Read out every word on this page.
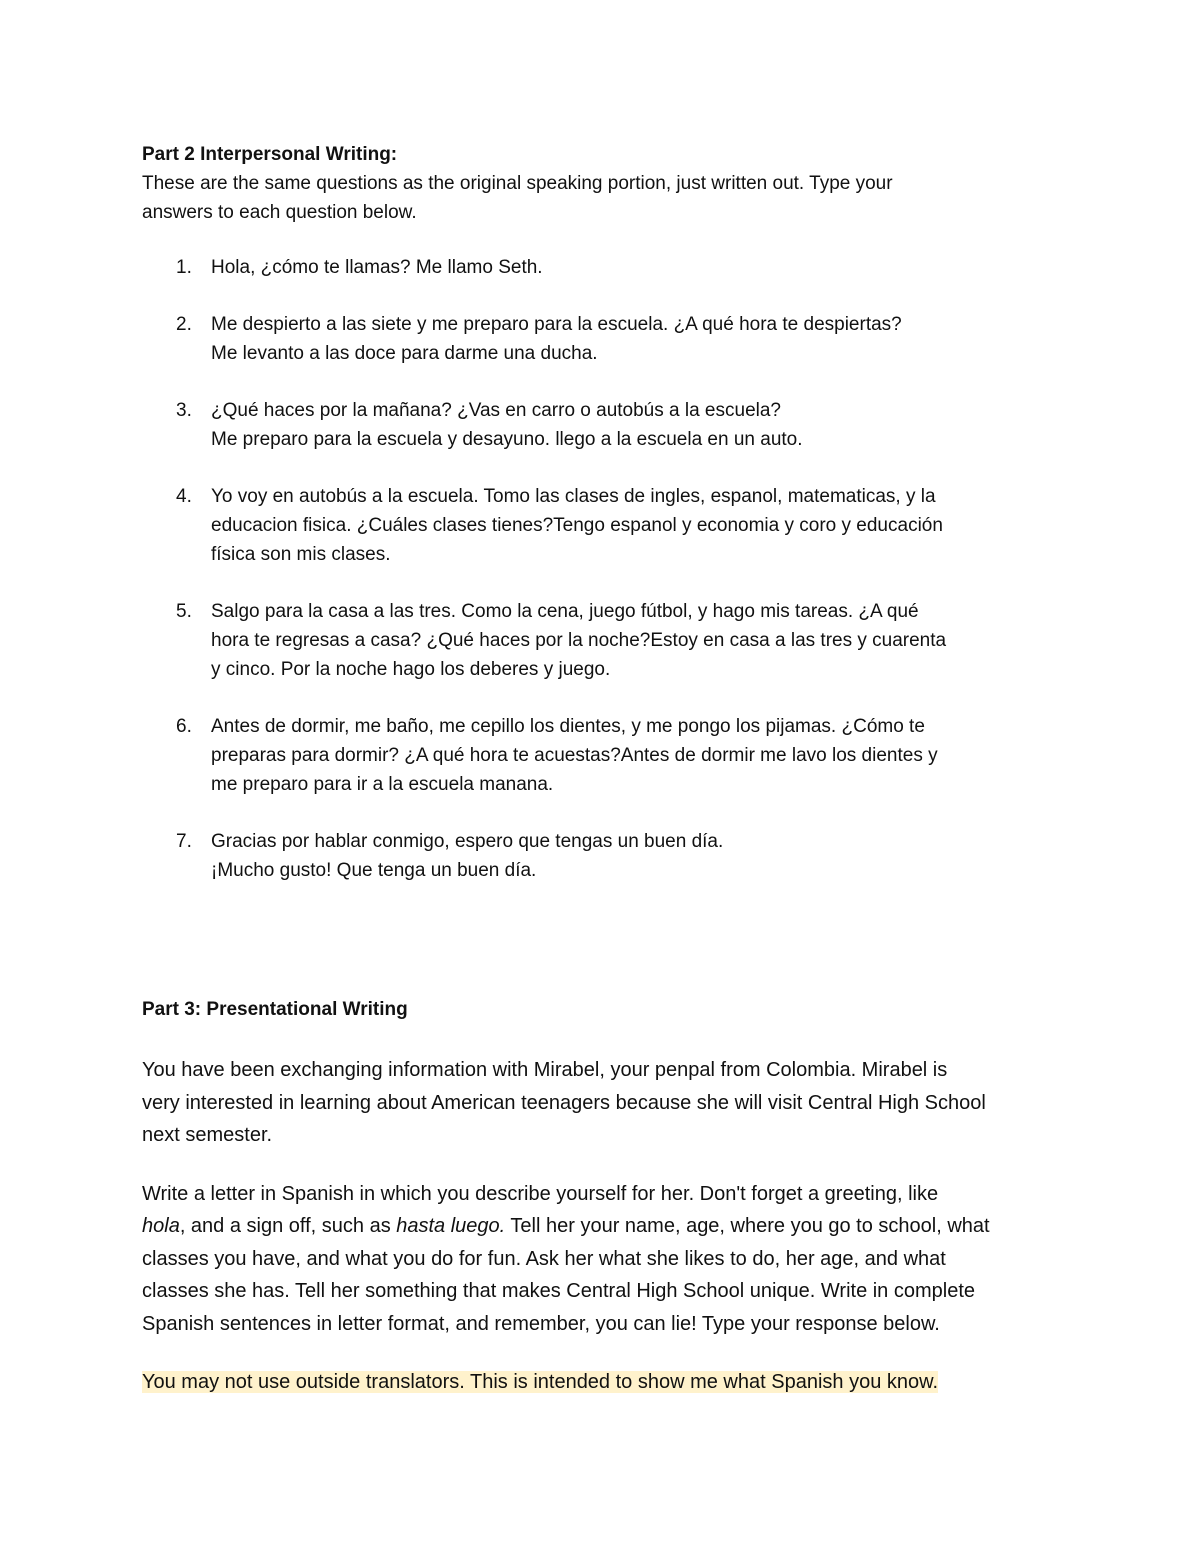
Part 2 Interpersonal Writing:

These are the same questions as the original speaking portion, just written out. Type your
answers to each question below.

1.	Hola, ¿cómo te llamas? Me llamo Seth.
2.	Me despierto a las siete y me preparo para la escuela. ¿A qué hora te despiertas?
Me levanto a las doce para darme una ducha.
3.	¿Qué haces por la mañana? ¿Vas en carro o autobús a la escuela?
Me preparo para la escuela y desayuno. llego a la escuela en un auto.
4.	Yo voy en autobús a la escuela. Tomo las clases de ingles, espanol, matematicas, y la
educacion fisica. ¿Cuáles clases tienes?Tengo espanol y economia y coro y educación
física son mis clases.
5.	Salgo para la casa a las tres. Como la cena, juego fútbol, y hago mis tareas. ¿A qué
hora te regresas a casa? ¿Qué haces por la noche?Estoy en casa a las tres y cuarenta
y cinco. Por la noche hago los deberes y juego.
6.	Antes de dormir, me baño, me cepillo los dientes, y me pongo los pijamas. ¿Cómo te
preparas para dormir? ¿A qué hora te acuestas?Antes de dormir me lavo los dientes y
me preparo para ir a la escuela manana.
7.	Gracias por hablar conmigo, espero que tengas un buen día.
¡Mucho gusto! Que tenga un buen día.

Part 3: Presentational Writing

You have been exchanging information with Mirabel, your penpal from Colombia. Mirabel is
very interested in learning about American teenagers because she will visit Central High School
next semester.

Write a letter in Spanish in which you describe yourself for her. Don't forget a greeting, like
hola, and a sign off, such as hasta luego. Tell her your name, age, where you go to school, what
classes you have, and what you do for fun. Ask her what she likes to do, her age, and what
classes she has. Tell her something that makes Central High School unique. Write in complete
Spanish sentences in letter format, and remember, you can lie! Type your response below.

You may not use outside translators. This is intended to show me what Spanish you know.
